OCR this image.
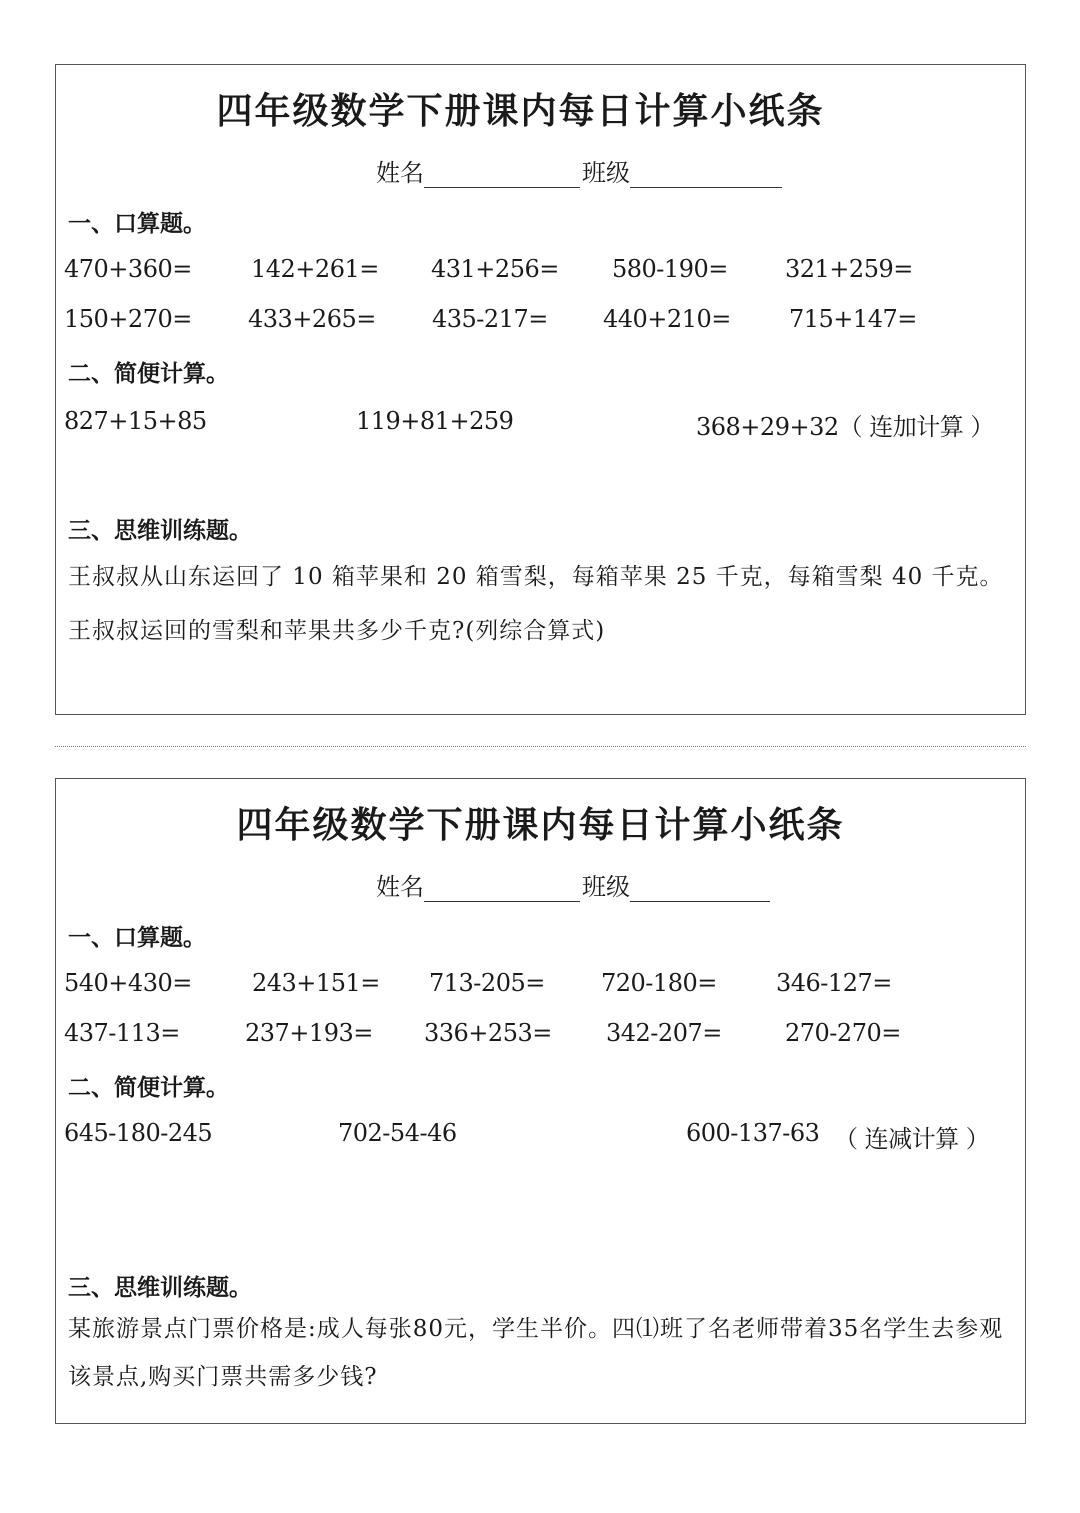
四年级数学下册课内每日计算小纸条
姓名	班级
一、口算题。
470+360= 142+261= 431+256= 580-190= 321+259=
150+270= 433+265= 435-217= 440+210= 715+147=
二、简便计算。
827+15+85	119+81+259	368+29+32（ 连加计算 ）
三、思维训练题。
王叔叔从山东运回了 10 箱苹果和 20 箱雪梨，每箱苹果 25 千克，每箱雪梨 40 千克。王叔叔运回的雪梨和苹果共多少千克?(列综合算式)
四年级数学下册课内每日计算小纸条
姓名	班级
一、口算题。
540+430=	243+151= 713-205= 720-180= 346-127=
437-113=	237+193= 336+253= 342-207=	270-270=
二、简便计算。
645-180-245	702-54-46	600-137-63 （ 连减计算 ）
三、思维训练题。
某旅游景点门票价格是:成人每张80元，学生半价。四⑴班了名老师带着35名学生去参观该景点,购买门票共需多少钱?
